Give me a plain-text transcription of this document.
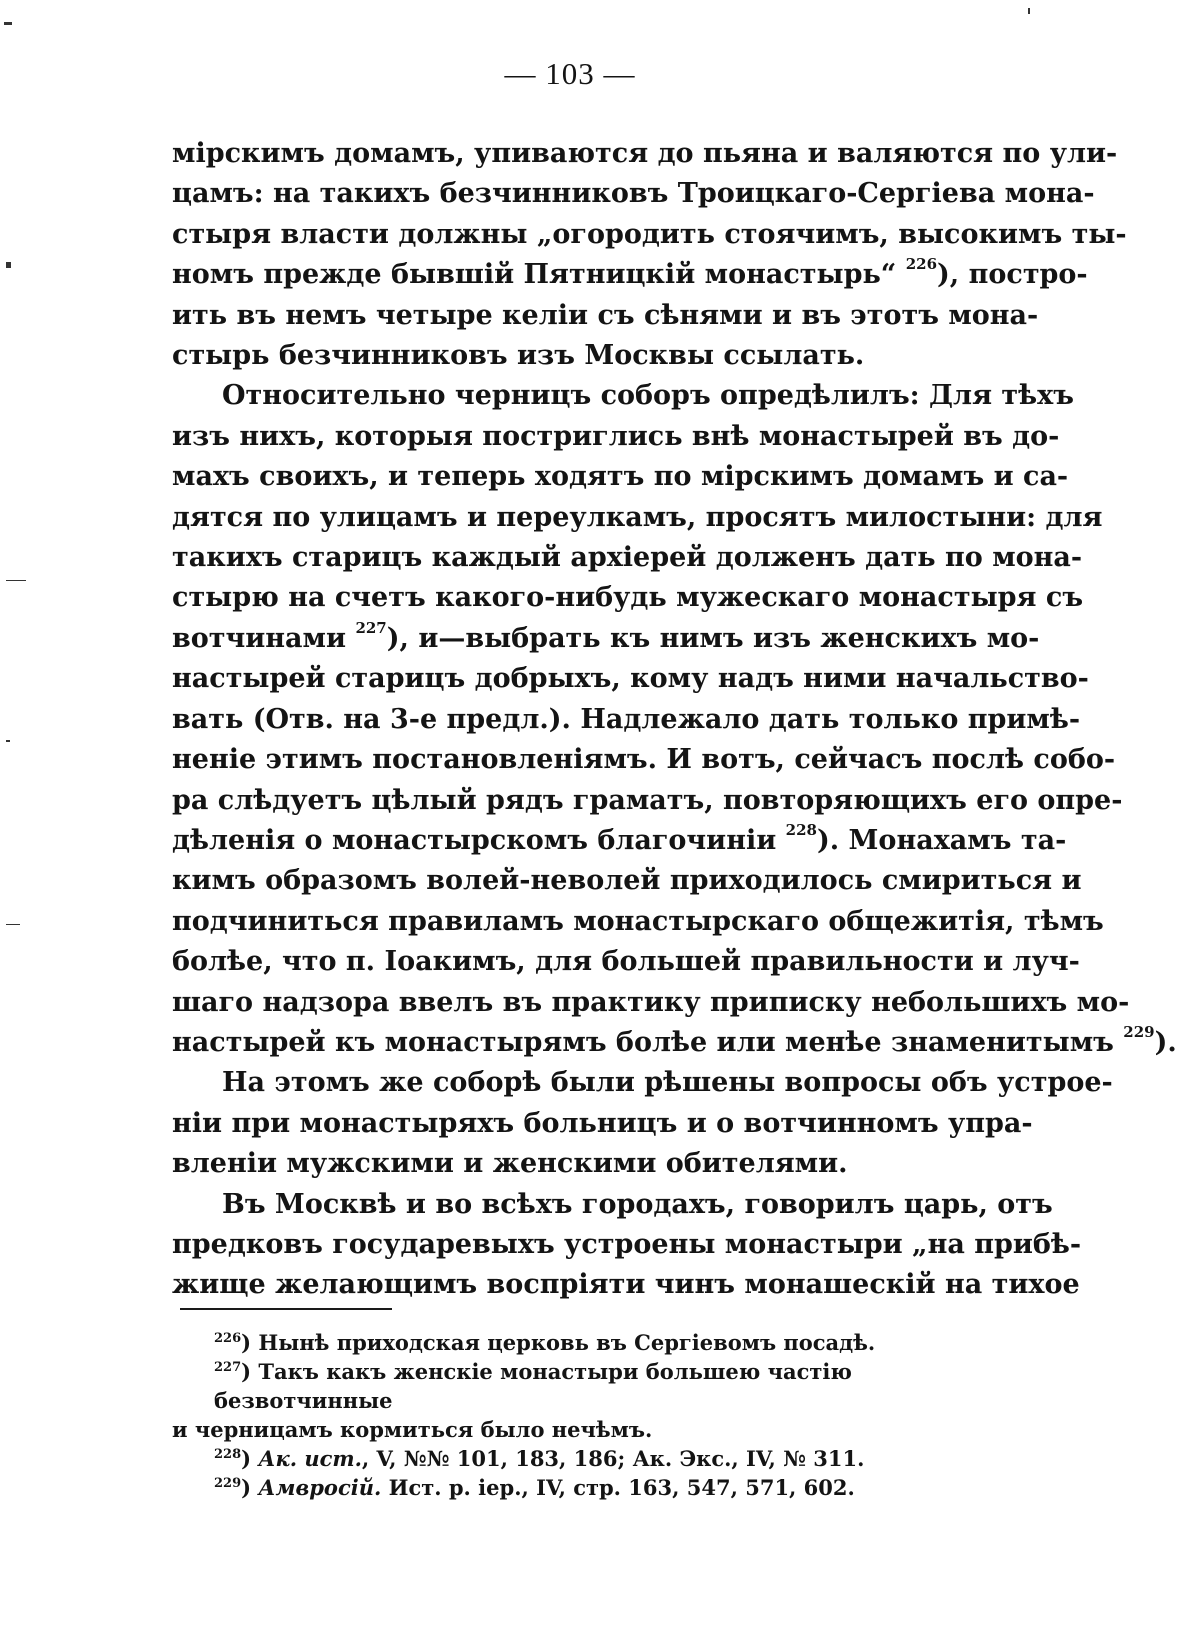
— 103 —

мірскимъ домамъ, упиваются до пьяна и валяются по ули-
цамъ: на такихъ безчинниковъ Троицкаго-Сергіева мона-
стыря власти должны „огородить стоячимъ, высокимъ ты-
номъ прежде бывшій Пятницкій монастырь“ $^{226}$), постро-
ить въ немъ четыре келіи съ сѣнями и въ этотъ мона-
стырь безчинниковъ изъ Москвы ссылать.

Относительно черницъ соборъ опредѣлилъ: Для тѣхъ
изъ нихъ, которыя постриглись внѣ монастырей въ до-
махъ своихъ, и теперь ходятъ по мірскимъ домамъ и са-
дятся по улицамъ и переулкамъ, просятъ милостыни: для
такихъ старицъ каждый архіерей долженъ дать по мона-
стырю на счетъ какого-нибудь мужескаго монастыря съ
вотчинами $^{227}$), и—выбрать къ нимъ изъ женскихъ мо-
настырей старицъ добрыхъ, кому надъ ними начальство-
вать (Отв. на 3-е предл.). Надлежало дать только примѣ-
неніе этимъ постановленіямъ. И вотъ, сейчасъ послѣ собо-
ра слѣдуетъ цѣлый рядъ граматъ, повторяющихъ его опре-
дѣленія о монастырскомъ благочиніи $^{228}$). Монахамъ та-
кимъ образомъ волей-неволей приходилось смириться и
подчиниться правиламъ монастырскаго общежитія, тѣмъ
болѣе, что п. Іоакимъ, для большей правильности и луч-
шаго надзора ввелъ въ практику приписку небольшихъ мо-
настырей къ монастырямъ болѣе или менѣе знаменитымъ $^{229}$).

На этомъ же соборѣ были рѣшены вопросы объ устрое-
ніи при монастыряхъ больницъ и о вотчинномъ упра-
вленіи мужскими и женскими обителями.

Въ Москвѣ и во всѣхъ городахъ, говорилъ царь, отъ
предковъ государевыхъ устроены монастыри „на прибѣ-
жище желающимъ воспріяти чинъ монашескій на тихое

$^{226}$) Нынѣ приходская церковь въ Сергіевомъ посадѣ.
$^{227}$) Такъ какъ женскіе монастыри большею частію безвотчинные
и черницамъ кормиться было нечѣмъ.
$^{228}$) Ак. ист., V, №№ 101, 183, 186; Ак. Экс., IV, № 311.
$^{229}$) Амвросій. Ист. р. іер., IV, стр. 163, 547, 571, 602.
